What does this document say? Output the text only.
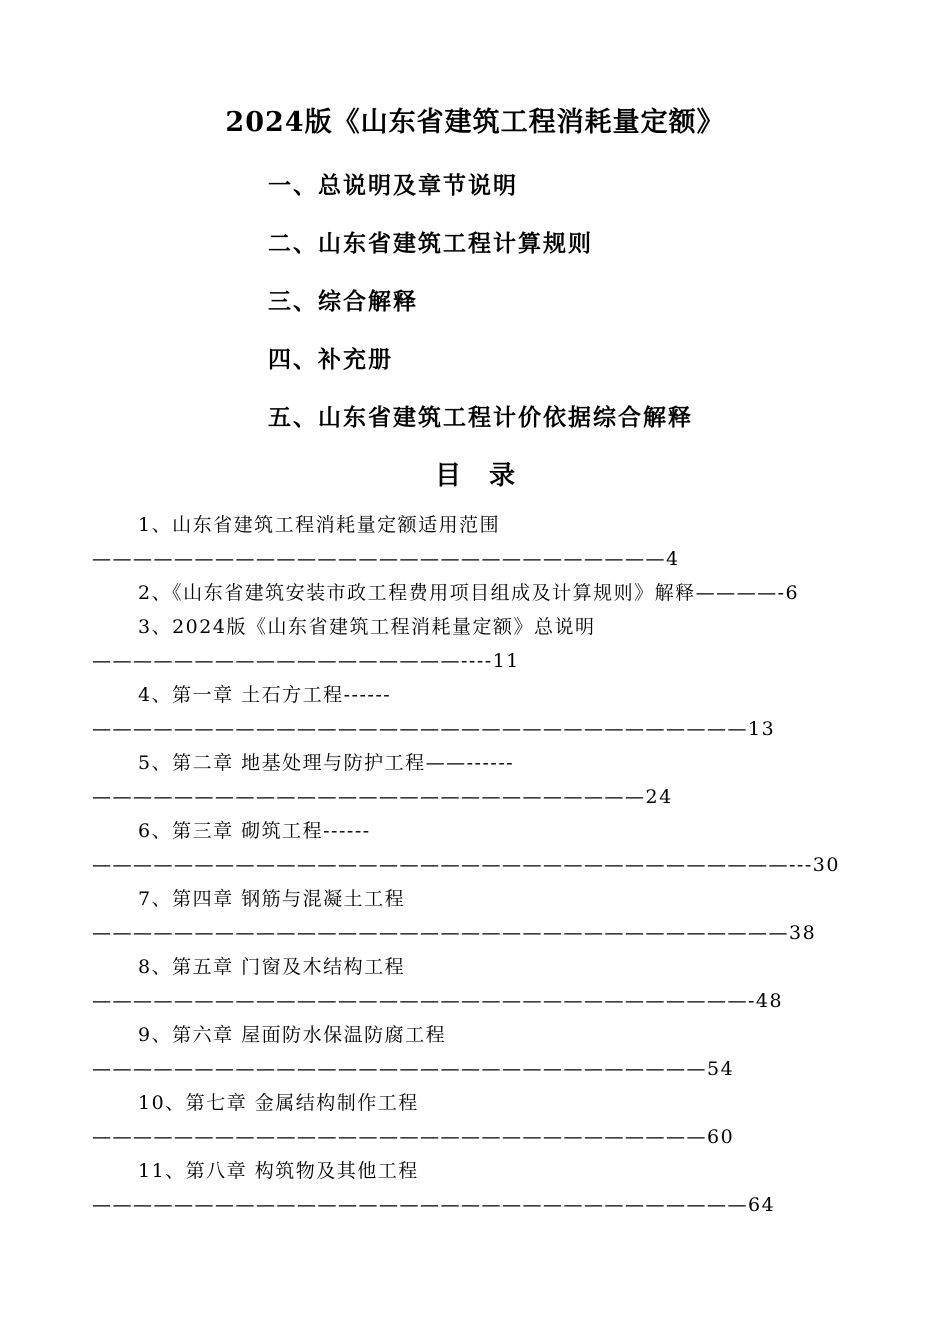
2024版《山东省建筑工程消耗量定额》
一、总说明及章节说明
二、山东省建筑工程计算规则
三、综合解释
四、补充册
五、山东省建筑工程计价依据综合解释
目录
1、山东省建筑工程消耗量定额适用范围————————————————————————————4
2、《山东省建筑安装市政工程费用项目组成及计算规则》解释————-6
3、2024版《山东省建筑工程消耗量定额》总说明——————————————————----11
4、第一章 土石方工程------————————————————————————————————13
5、第二章 地基处理与防护工程——------———————————————————————————24
6、第三章 砌筑工程------——————————————————————————————————---30
7、第四章 钢筋与混凝土工程——————————————————————————————————38
8、第五章 门窗及木结构工程————————————————————————————————-48
9、第六章 屋面防水保温防腐工程——————————————————————————————54
10、第七章 金属结构制作工程——————————————————————————————60
11、第八章 构筑物及其他工程————————————————————————————————64
